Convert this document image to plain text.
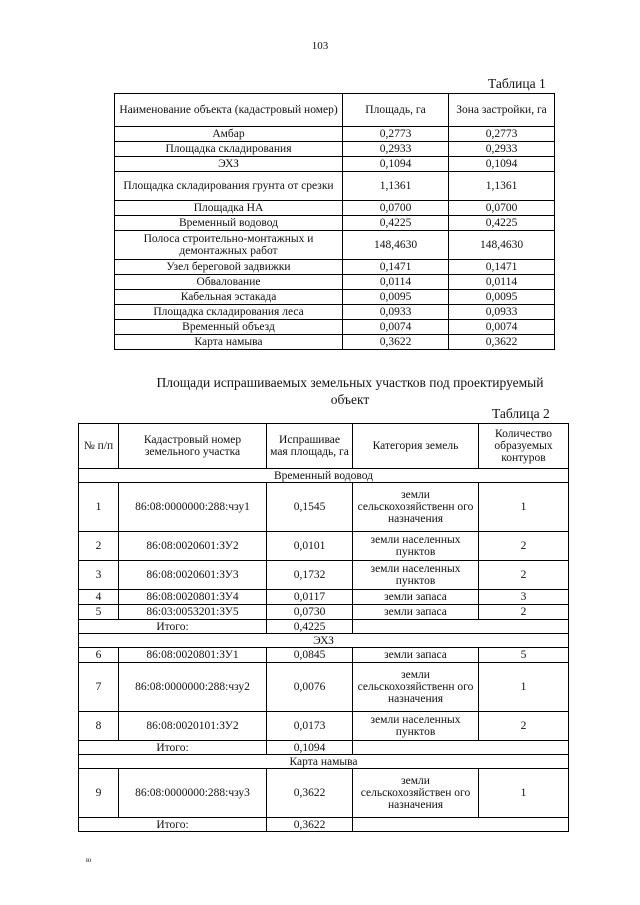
103
Таблица 1
Наименование объекта (кадастровый номер)	Площадь, га	Зона застройки, га
Амбар	0,2773	0,2773
Площадка складирования	0,2933	0,2933
ЭХЗ	0,1094	0,1094
Площадка складирования грунта от срезки	1,1361	1,1361
Площадка НА	0,0700	0,0700
Временный водовод	0,4225	0,4225
Полоса строительно-монтажных и демонтажных работ	148,4630	148,4630
Узел береговой задвижки	0,1471	0,1471
Обвалование	0,0114	0,0114
Кабельная эстакада	0,0095	0,0095
Площадка складирования леса	0,0933	0,0933
Временный объезд	0,0074	0,0074
Карта намыва	0,3622	0,3622
Площади испрашиваемых земельных участков под проектируемый объект
Таблица 2
№ п/п	Кадастровый номер земельного участка	Испрашивае мая площадь, га	Категория земель	Количество образуемых контуров
Временный водовод				
1	86:08:0000000:288:чзу1	0,1545	земли сельскохозяйственн ого назначения	1
2	86:08:0020601:ЗУ2	0,0101	земли населенных пунктов	2
3	86:08:0020601:ЗУ3	0,1732	земли населенных пунктов	2
4	86:08:0020801:ЗУ4	0,0117	земли запаса	3
5	86:03:0053201:ЗУ5	0,0730	земли запаса	2
Итого:		0,4225		
ЭХЗ				
6	86:08:0020801:ЗУ1	0,0845	земли запаса	5
7	86:08:0000000:288:чзу2	0,0076	земли сельскохозяйственн ого назначения	1
8	86:08:0020101:ЗУ2	0,0173	земли населенных пунктов	2
Итого:		0,1094		
Карта намыва				
9	86:08:0000000:288:чзу3	0,3622	земли сельскохозяйствен ого назначения	1
Итого:		0,3622		
ю
